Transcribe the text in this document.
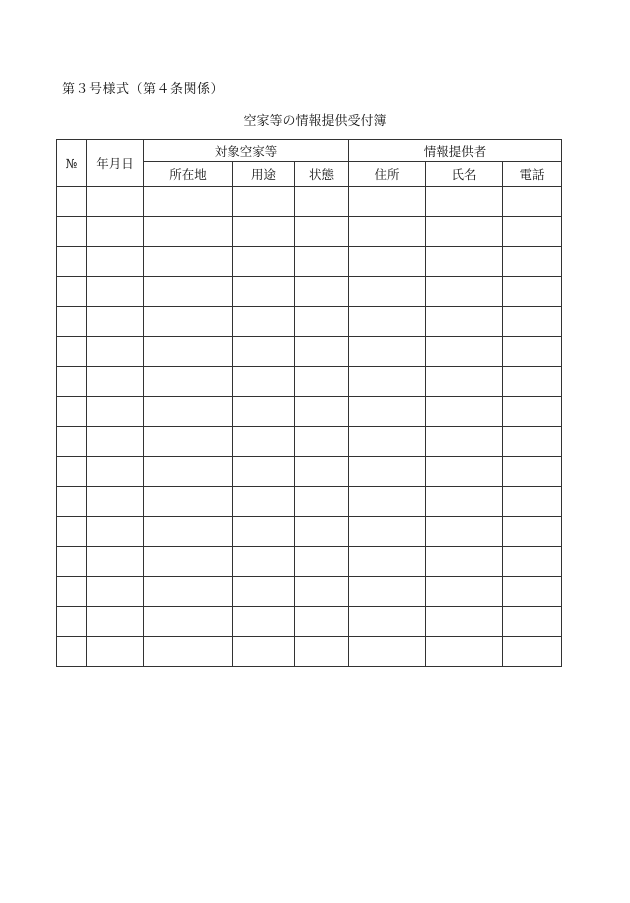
第３号様式（第４条関係）
空家等の情報提供受付簿
№	年月日	対象空家等			情報提供者		
		所在地	用途	状態	住所	氏名	電話
